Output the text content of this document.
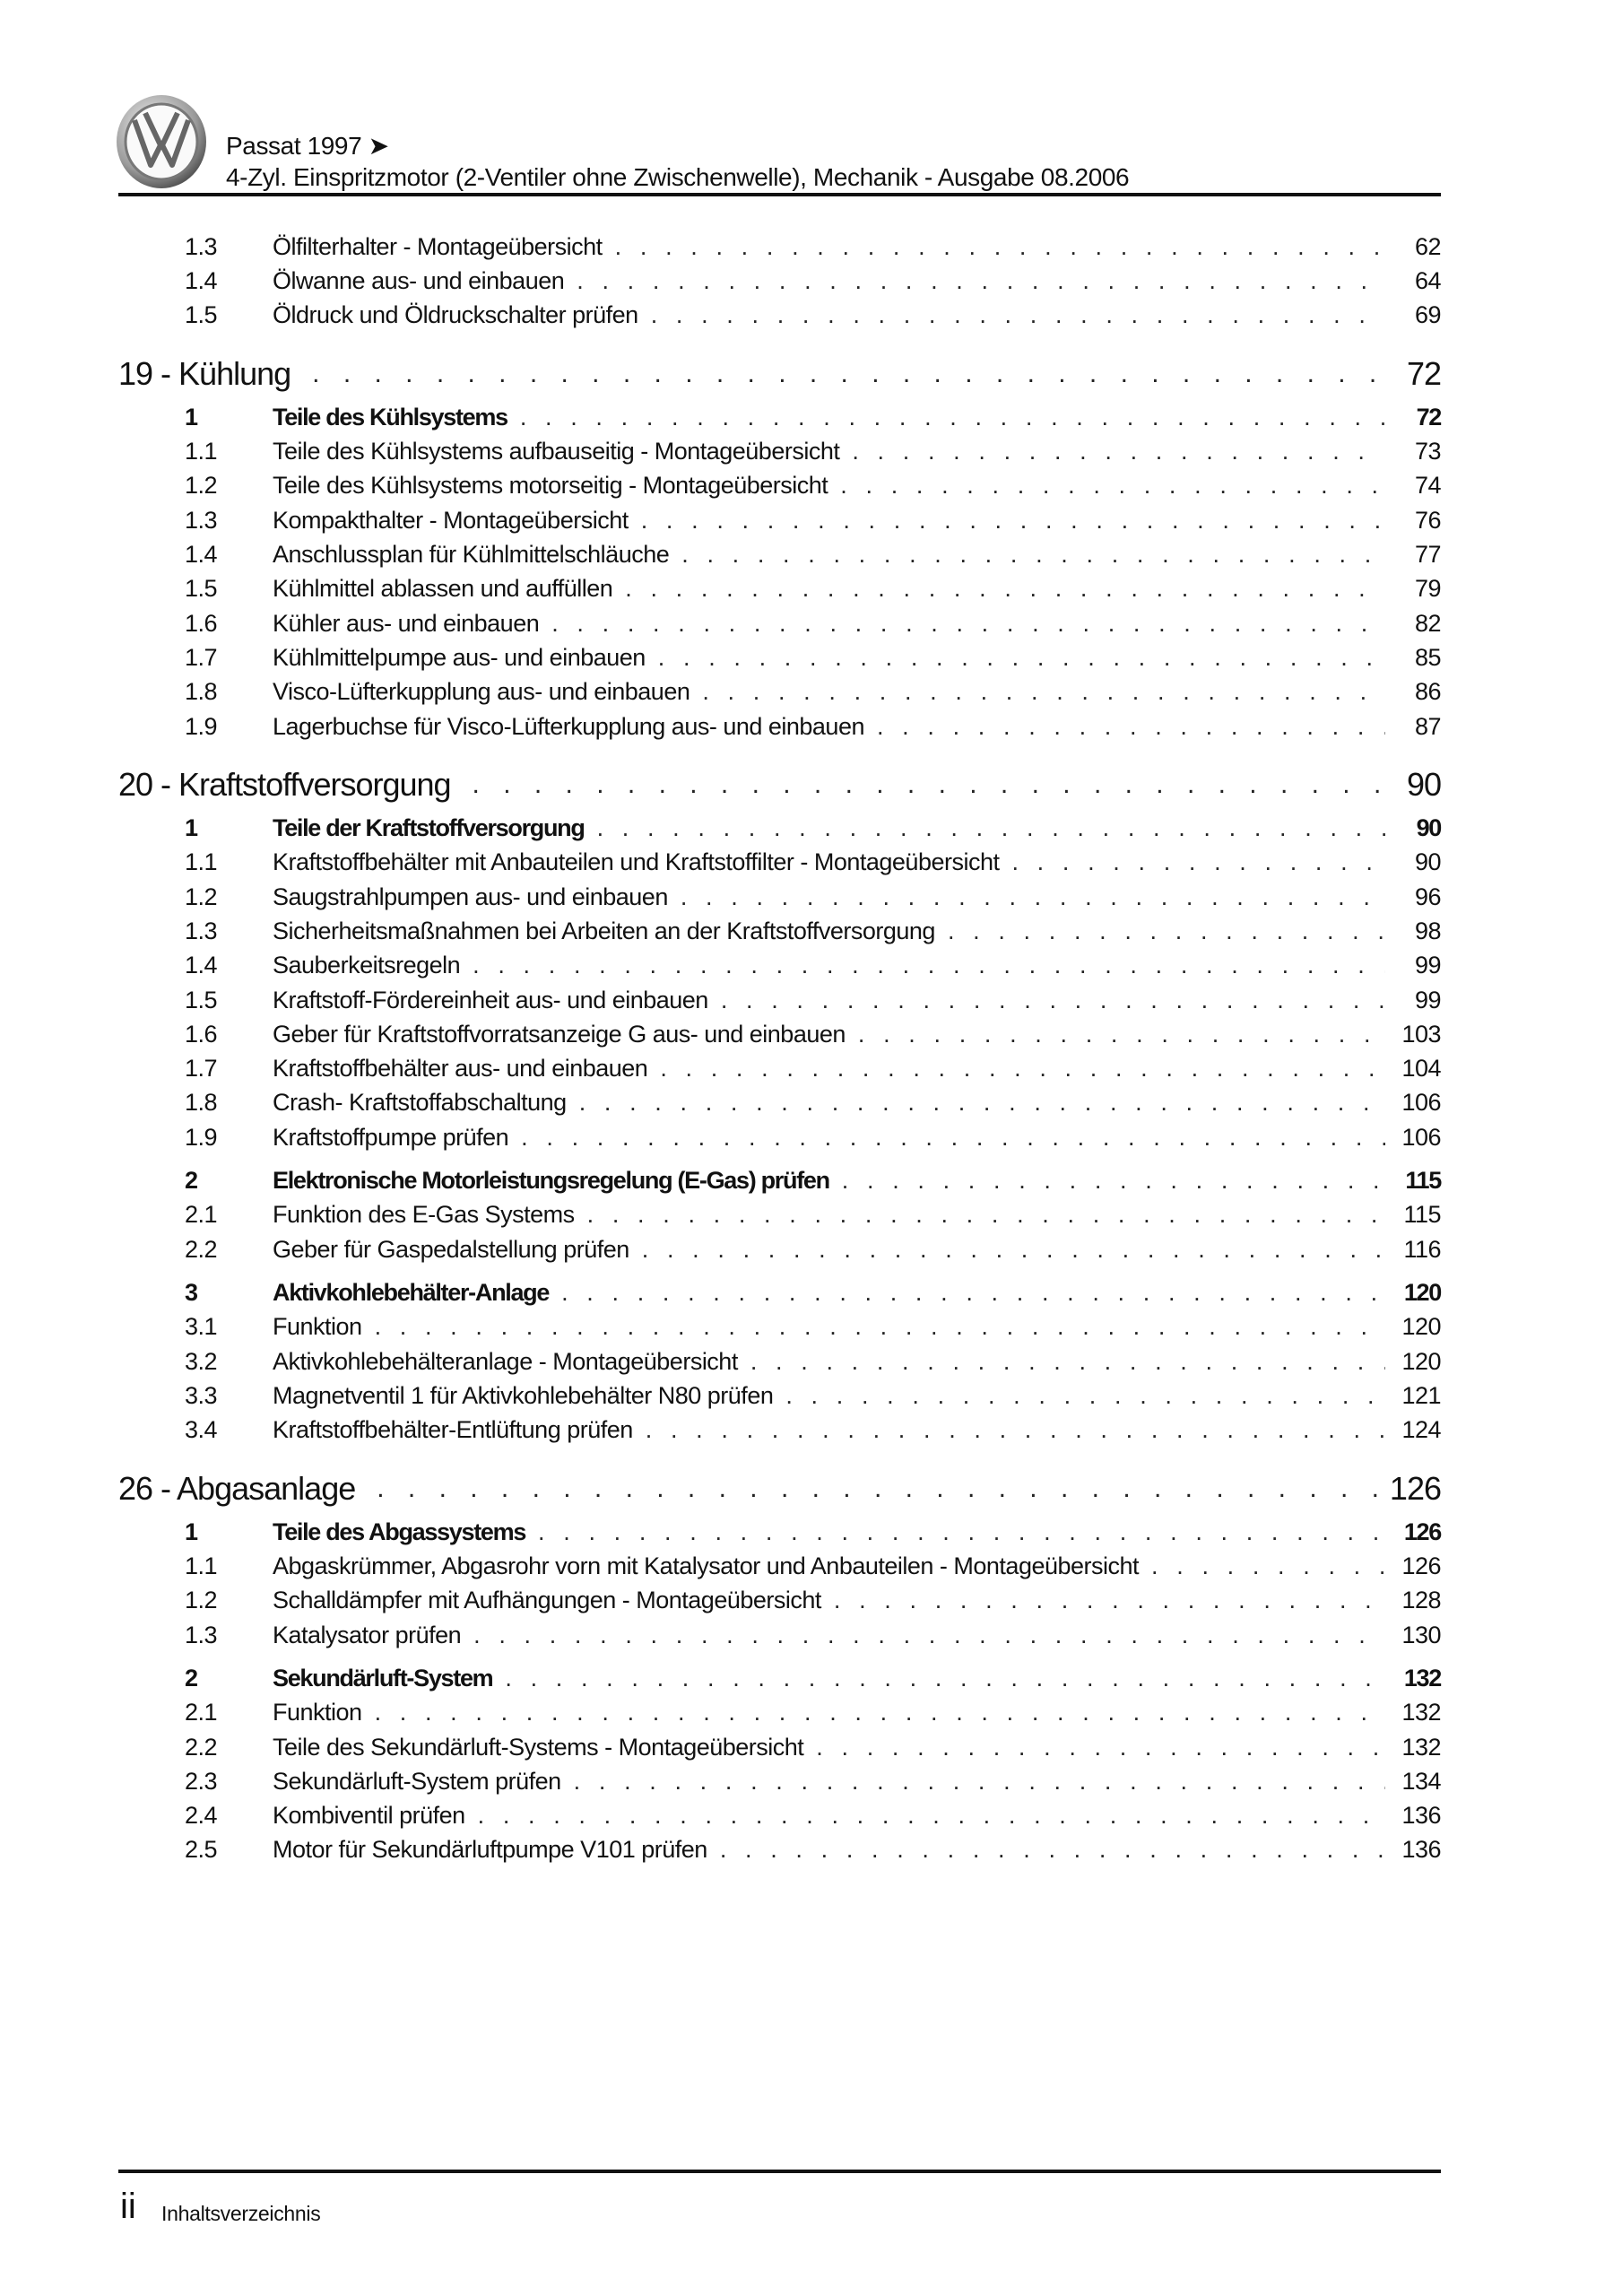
Passat 1997 ➤
4-Zyl. Einspritzmotor (2-Ventiler ohne Zwischenwelle), Mechanik - Ausgabe 08.2006
1.3	Ölfilterhalter - Montageübersicht . . .	62
1.4	Ölwanne aus- und einbauen . . .	64
1.5	Öldruck und Öldruckschalter prüfen . . .	69
19 - Kühlung . . .	72
1	Teile des Kühlsystems . . .	72
1.1	Teile des Kühlsystems aufbauseitig - Montageübersicht . . .	73
1.2	Teile des Kühlsystems motorseitig - Montageübersicht . . .	74
1.3	Kompakthalter - Montageübersicht . . .	76
1.4	Anschlussplan für Kühlmittelschläuche . . .	77
1.5	Kühlmittel ablassen und auffüllen . . .	79
1.6	Kühler aus- und einbauen . . .	82
1.7	Kühlmittelpumpe aus- und einbauen . . .	85
1.8	Visco-Lüfterkupplung aus- und einbauen . . .	86
1.9	Lagerbuchse für Visco-Lüfterkupplung aus- und einbauen . . .	87
20 - Kraftstoffversorgung . . .	90
1	Teile der Kraftstoffversorgung . . .	90
1.1	Kraftstoffbehälter mit Anbauteilen und Kraftstoffilter - Montageübersicht . . .	90
1.2	Saugstrahlpumpen aus- und einbauen . . .	96
1.3	Sicherheitsmaßnahmen bei Arbeiten an der Kraftstoffversorgung . . .	98
1.4	Sauberkeitsregeln . . .	99
1.5	Kraftstoff-Fördereinheit aus- und einbauen . . .	99
1.6	Geber für Kraftstoffvorratsanzeige G aus- und einbauen . . .	103
1.7	Kraftstoffbehälter aus- und einbauen . . .	104
1.8	Crash- Kraftstoffabschaltung . . .	106
1.9	Kraftstoffpumpe prüfen . . .	106
2	Elektronische Motorleistungsregelung (E-Gas) prüfen . . .	115
2.1	Funktion des E-Gas Systems . . .	115
2.2	Geber für Gaspedalstellung prüfen . . .	116
3	Aktivkohlebehälter-Anlage . . .	120
3.1	Funktion . . .	120
3.2	Aktivkohlebehälteranlage - Montageübersicht . . .	120
3.3	Magnetventil 1 für Aktivkohlebehälter N80 prüfen . . .	121
3.4	Kraftstoffbehälter-Entlüftung prüfen . . .	124
26 - Abgasanlage . . .	126
1	Teile des Abgassystems . . .	126
1.1	Abgaskrümmer, Abgasrohr vorn mit Katalysator und Anbauteilen - Montageübersicht . . .	126
1.2	Schalldämpfer mit Aufhängungen - Montageübersicht . . .	128
1.3	Katalysator prüfen . . .	130
2	Sekundärluft-System . . .	132
2.1	Funktion . . .	132
2.2	Teile des Sekundärluft-Systems - Montageübersicht . . .	132
2.3	Sekundärluft-System prüfen . . .	134
2.4	Kombiventil prüfen . . .	136
2.5	Motor für Sekundärluftpumpe V101 prüfen . . .	136
ii Inhaltsverzeichnis
